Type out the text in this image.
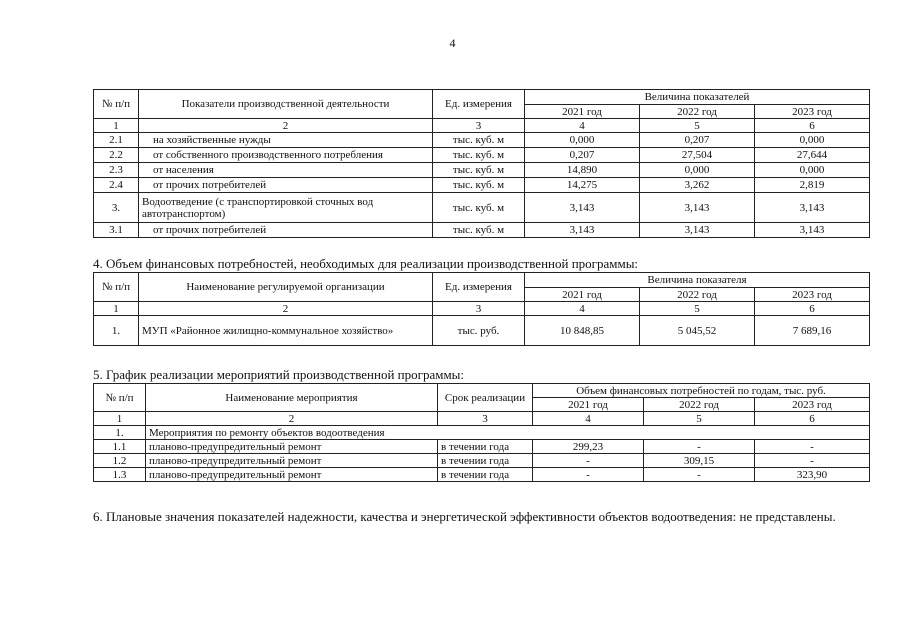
4
№ п/п	Показатели производственной деятельности	Ед. измерения	Величина показателей		
			2021 год	2022 год	2023 год
1	2	3	4	5	6
2.1	на хозяйственные нужды	тыс. куб. м	0,000	0,207	0,000
2.2	от собственного производственного потребления	тыс. куб. м	0,207	27,504	27,644
2.3	от населения	тыс. куб. м	14,890	0,000	0,000
2.4	от прочих потребителей	тыс. куб. м	14,275	3,262	2,819
3.	Водоотведение (с транспортировкой сточных вод автотранспортом)	тыс. куб. м	3,143	3,143	3,143
3.1	от прочих потребителей	тыс. куб. м	3,143	3,143	3,143
4. Объем финансовых потребностей, необходимых для реализации производственной программы:
№ п/п	Наименование регулируемой организации	Ед. измерения	Величина показателя		
			2021 год	2022 год	2023 год
1	2	3	4	5	6
1.	МУП «Районное жилищно-коммунальное хозяйство»	тыс. руб.	10 848,85	5 045,52	7 689,16
5. График реализации мероприятий производственной программы:
№ п/п	Наименование мероприятия	Срок реализации	Объем финансовых потребностей по годам, тыс. руб.		
			2021 год	2022 год	2023 год
1	2	3	4	5	6
1.	Мероприятия по ремонту объектов водоотведения				
1.1	планово-предупредительный ремонт	в течении года	299,23	-	-
1.2	планово-предупредительный ремонт	в течении года	-	309,15	-
1.3	планово-предупредительный ремонт	в течении года	-	-	323,90
6. Плановые значения показателей надежности, качества и энергетической эффективности объектов водоотведения: не представлены.
